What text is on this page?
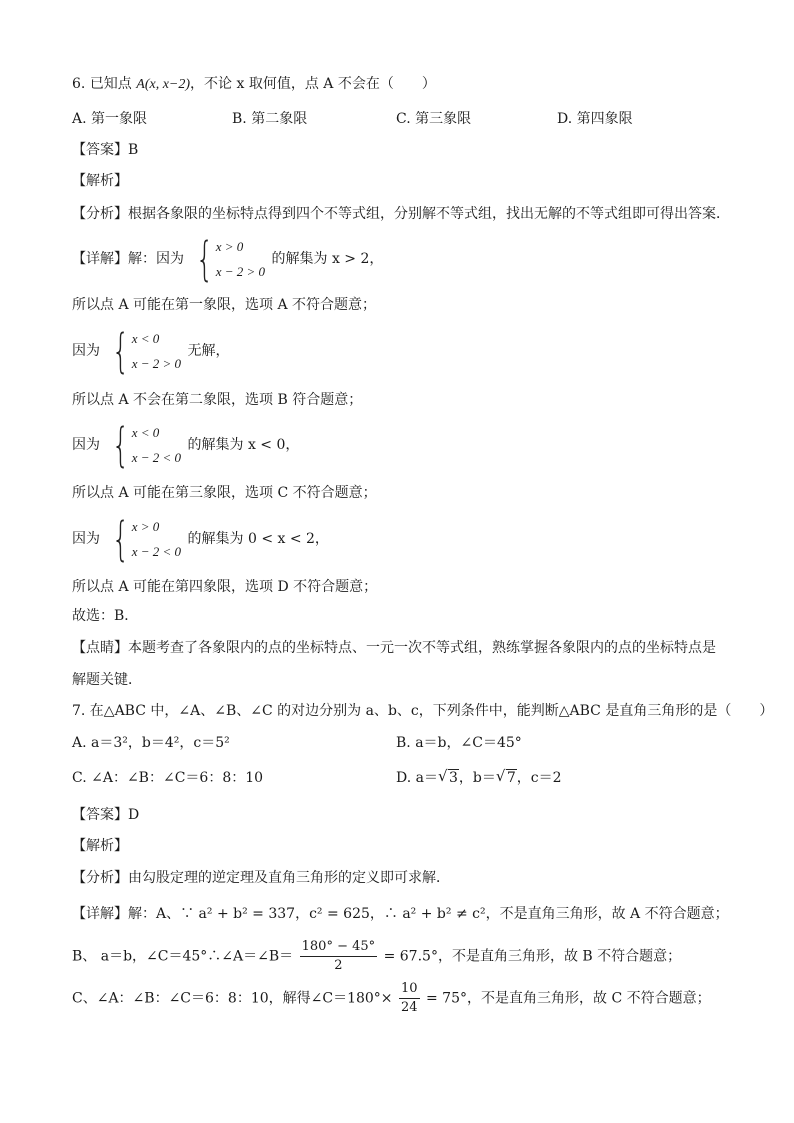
6. 已知点 A(x, x−2)，不论 x 取何值，点 A 不会在（　　）
A. 第一象限	B. 第二象限	C. 第三象限	D. 第四象限
【答案】B
【解析】
【分析】根据各象限的坐标特点得到四个不等式组，分别解不等式组，找出无解的不等式组即可得出答案．
【详解】解：因为 { x > 0
x − 2 > 0
的解集为 x > 2，
所以点 A 可能在第一象限，选项 A 不符合题意；
因为 { x < 0
x − 2 > 0
无解，
所以点 A 不会在第二象限，选项 B 符合题意；
因为 { x < 0
x − 2 < 0
的解集为 x < 0，
所以点 A 可能在第三象限，选项 C 不符合题意；
因为 { x > 0
x − 2 < 0
的解集为 0 < x < 2，
所以点 A 可能在第四象限，选项 D 不符合题意；
故选：B．
【点睛】本题考查了各象限内的点的坐标特点、一元一次不等式组，熟练掌握各象限内的点的坐标特点是
解题关键．
7. 在△ABC 中，∠A、∠B、∠C 的对边分别为 a、b、c，下列条件中，能判断△ABC 是直角三角形的是（　　）
A. a＝3²，b＝4²，c＝5²	B. a＝b，∠C＝45°
C. ∠A：∠B：∠C＝6：8：10	D. a＝ √ 3，b＝ √ 7，c＝2
【答案】D
【解析】
【分析】由勾股定理的逆定理及直角三角形的定义即可求解．
【详解】解：A、∵ a² + b² = 337，c² = 625，∴ a² + b² ≠ c²，不是直角三角形，故 A 不符合题意；
B、 a＝b，∠C＝45°∴∠A＝∠B＝ $\frac{180^\circ - 45^\circ}{2} = 67.5^\circ$，不是直角三角形，故 B 不符合题意；
C、∠A：∠B：∠C＝6：8：10，解得∠C＝180°× $\frac{10}{24} = 75^\circ$，不是直角三角形，故 C 不符合题意；
